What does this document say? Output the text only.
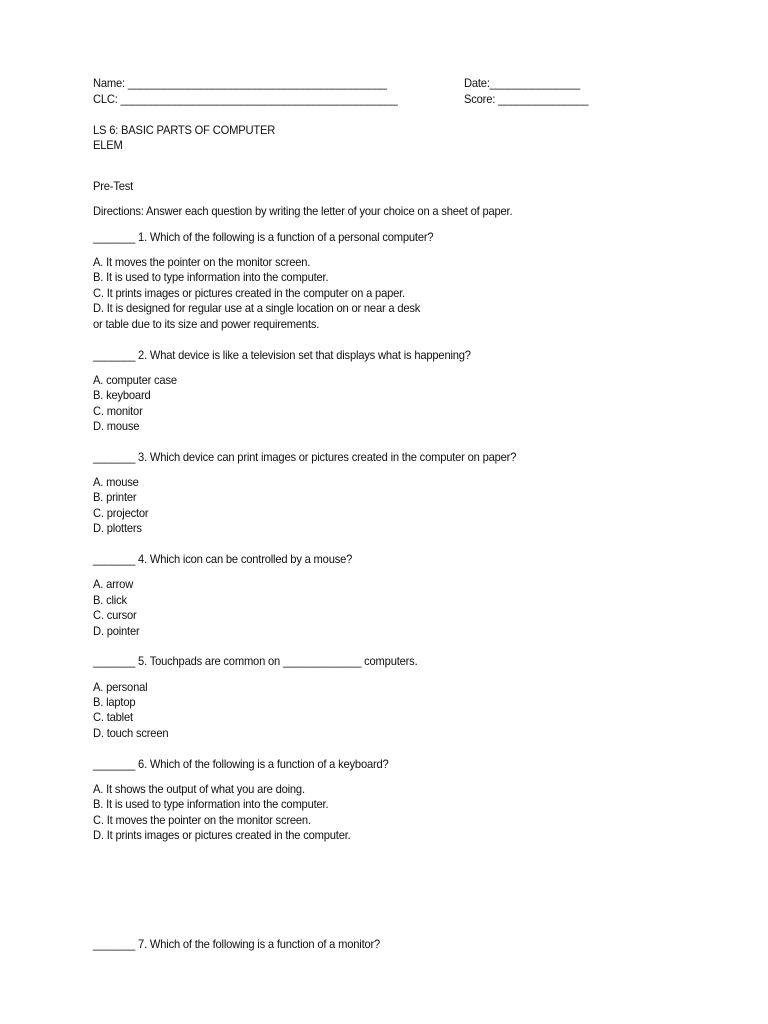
Name: ___________________________________________	Date:_______________
CLC: ______________________________________________	Score: _______________
LS 6: BASIC PARTS OF COMPUTER
ELEM
Pre-Test
Directions: Answer each question by writing the letter of your choice on a sheet of paper.
_______ 1. Which of the following is a function of a personal computer?
A. It moves the pointer on the monitor screen.
B. It is used to type information into the computer.
C. It prints images or pictures created in the computer on a paper.
D. It is designed for regular use at a single location on or near a desk
or table due to its size and power requirements.
_______ 2. What device is like a television set that displays what is happening?
A. computer case
B. keyboard
C. monitor
D. mouse
_______ 3. Which device can print images or pictures created in the computer on paper?
A. mouse
B. printer
C. projector
D. plotters
_______ 4. Which icon can be controlled by a mouse?
A. arrow
B. click
C. cursor
D. pointer
_______ 5. Touchpads are common on _____________ computers.
A. personal
B. laptop
C. tablet
D. touch screen
_______ 6. Which of the following is a function of a keyboard?
A. It shows the output of what you are doing.
B. It is used to type information into the computer.
C. It moves the pointer on the monitor screen.
D. It prints images or pictures created in the computer.
_______ 7. Which of the following is a function of a monitor?
